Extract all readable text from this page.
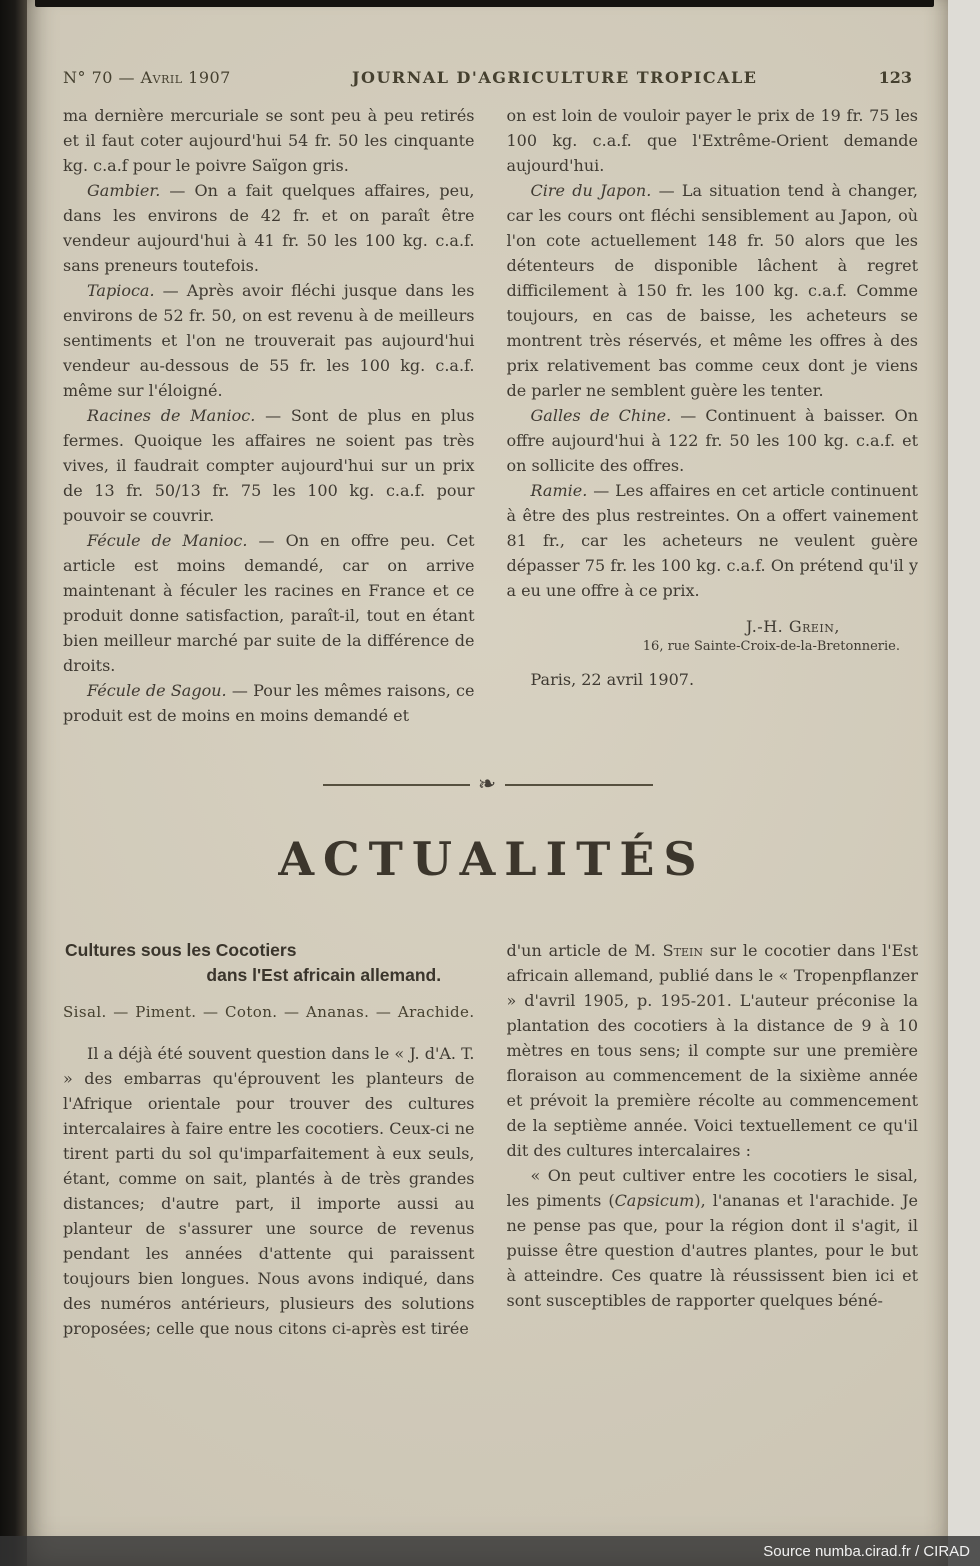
N° 70 — Avril 1907	JOURNAL D'AGRICULTURE TROPICALE	123

ma dernière mercuriale se sont peu à peu retirés et il faut coter aujourd'hui 54 fr. 50 les cinquante kg. c.a.f pour le poivre Saïgon gris.

Gambier. — On a fait quelques affaires, peu, dans les environs de 42 fr. et on paraît être vendeur aujourd'hui à 41 fr. 50 les 100 kg. c.a.f. sans preneurs toutefois.

Tapioca. — Après avoir fléchi jusque dans les environs de 52 fr. 50, on est revenu à de meilleurs sentiments et l'on ne trouverait pas aujourd'hui vendeur au-dessous de 55 fr. les 100 kg. c.a.f. même sur l'éloigné.

Racines de Manioc. — Sont de plus en plus fermes. Quoique les affaires ne soient pas très vives, il faudrait compter aujourd'hui sur un prix de 13 fr. 50/13 fr. 75 les 100 kg. c.a.f. pour pouvoir se couvrir.

Fécule de Manioc. — On en offre peu. Cet article est moins demandé, car on arrive maintenant à féculer les racines en France et ce produit donne satisfaction, paraît-il, tout en étant bien meilleur marché par suite de la différence de droits.

Fécule de Sagou. — Pour les mêmes raisons, ce produit est de moins en moins demandé et

on est loin de vouloir payer le prix de 19 fr. 75 les 100 kg. c.a.f. que l'Extrême-Orient demande aujourd'hui.

Cire du Japon. — La situation tend à changer, car les cours ont fléchi sensiblement au Japon, où l'on cote actuellement 148 fr. 50 alors que les détenteurs de disponible lâchent à regret difficilement à 150 fr. les 100 kg. c.a.f. Comme toujours, en cas de baisse, les acheteurs se montrent très réservés, et même les offres à des prix relativement bas comme ceux dont je viens de parler ne semblent guère les tenter.

Galles de Chine. — Continuent à baisser. On offre aujourd'hui à 122 fr. 50 les 100 kg. c.a.f. et on sollicite des offres.

Ramie. — Les affaires en cet article continuent à être des plus restreintes. On a offert vainement 81 fr., car les acheteurs ne veulent guère dépasser 75 fr. les 100 kg. c.a.f. On prétend qu'il y a eu une offre à ce prix.

J.-H. Grein,
16, rue Sainte-Croix-de-la-Bretonnerie.
Paris, 22 avril 1907.
❧
ACTUALITÉS
Cultures sous les Cocotiers
dans l'Est africain allemand.
Sisal. — Piment. — Coton. — Ananas. — Arachide.

Il a déjà été souvent question dans le « J. d'A. T. » des embarras qu'éprouvent les planteurs de l'Afrique orientale pour trouver des cultures intercalaires à faire entre les cocotiers. Ceux-ci ne tirent parti du sol qu'imparfaitement à eux seuls, étant, comme on sait, plantés à de très grandes distances; d'autre part, il importe aussi au planteur de s'assurer une source de revenus pendant les années d'attente qui paraissent toujours bien longues. Nous avons indiqué, dans des numéros antérieurs, plusieurs des solutions proposées; celle que nous citons ci-après est tirée

d'un article de M. Stein sur le cocotier dans l'Est africain allemand, publié dans le « Tropenpflanzer » d'avril 1905, p. 195-201. L'auteur préconise la plantation des cocotiers à la distance de 9 à 10 mètres en tous sens; il compte sur une première floraison au commencement de la sixième année et prévoit la première récolte au commencement de la septième année. Voici textuellement ce qu'il dit des cultures intercalaires :

« On peut cultiver entre les cocotiers le sisal, les piments (Capsicum), l'ananas et l'arachide. Je ne pense pas que, pour la région dont il s'agit, il puisse être question d'autres plantes, pour le but à atteindre. Ces quatre là réussissent bien ici et sont susceptibles de rapporter quelques béné-

Source numba.cirad.fr / CIRAD
